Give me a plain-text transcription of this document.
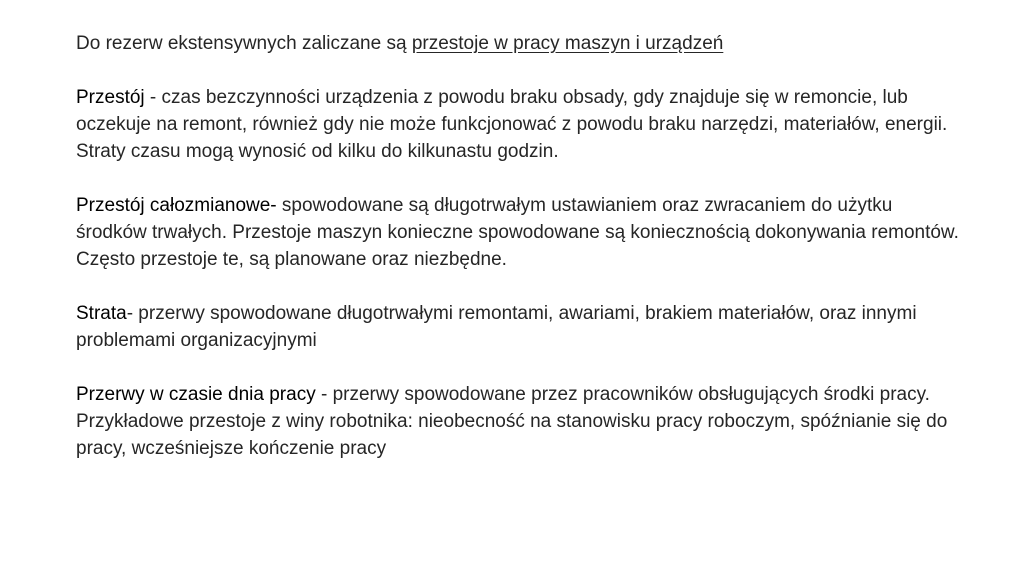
Do rezerw ekstensywnych zaliczane są przestoje w pracy maszyn i urządzeń

Przestój - czas bezczynności urządzenia z powodu braku obsady, gdy znajduje się w remoncie, lub oczekuje na remont, również gdy nie może funkcjonować z powodu braku narzędzi, materiałów, energii. Straty czasu mogą wynosić od kilku do kilkunastu godzin.

Przestój całozmianowe- spowodowane są długotrwałym ustawianiem oraz zwracaniem do użytku środków trwałych. Przestoje maszyn konieczne spowodowane są koniecznością dokonywania remontów. Często przestoje te, są planowane oraz niezbędne.

Strata- przerwy spowodowane długotrwałymi remontami, awariami, brakiem materiałów, oraz innymi problemami organizacyjnymi

Przerwy w czasie dnia pracy - przerwy spowodowane przez pracowników obsługujących środki pracy. Przykładowe przestoje z winy robotnika: nieobecność na stanowisku pracy roboczym, spóźnianie się do pracy, wcześniejsze kończenie pracy
